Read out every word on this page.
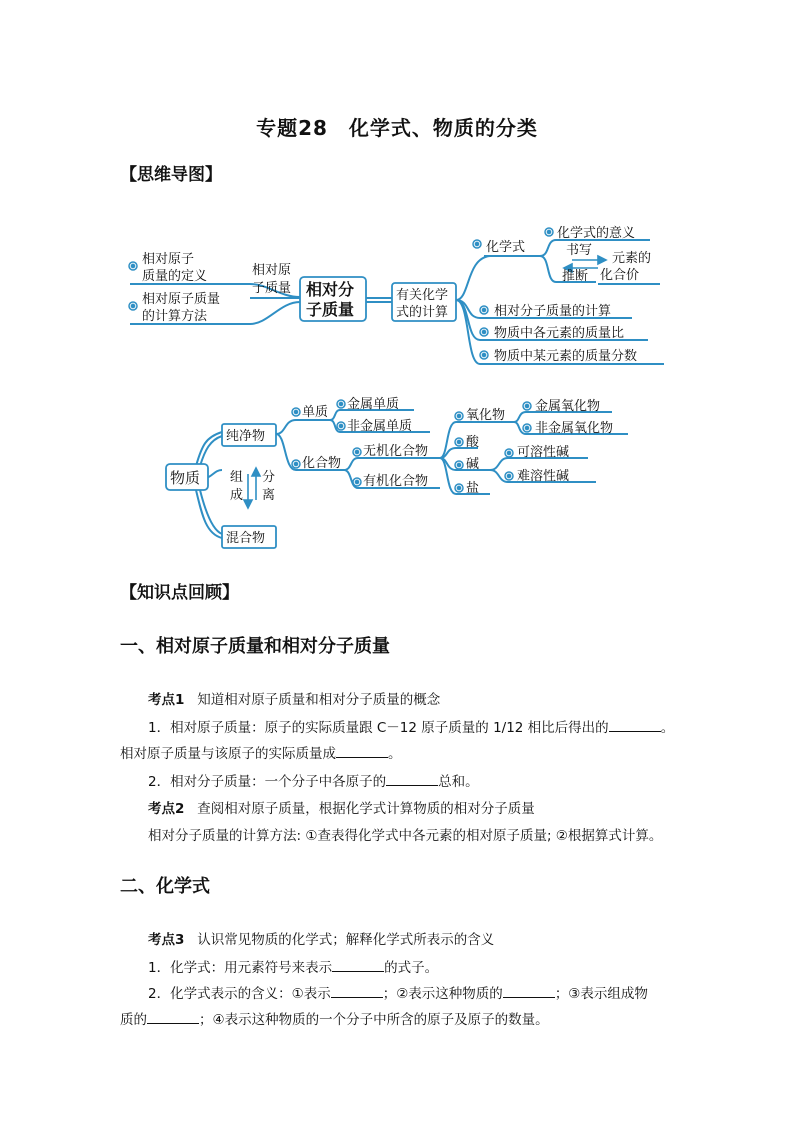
专题28　化学式、物质的分类
【思维导图】
相对原子
质量的定义
相对原子质量
的计算方法
相对原
子质量 相对分
子质量
有关化学
式的计算
化学式
化学式的意义
书写
推断
元素的
化合价
相对分子质量的计算
物质中各元素的质量比
物质中某元素的质量分数
物质
纯净物
混合物
组
成
分
离
单质
金属单质
非金属单质
化合物
无机化合物
有机化合物
氧化物
酸
碱
盐
金属氧化物
非金属氧化物
可溶性碱
难溶性碱
【知识点回顾】
一、相对原子质量和相对分子质量
考点1 知道相对原子质量和相对分子质量的概念
1．相对原子质量：原子的实际质量跟 C－12 原子质量的 1/12 相比后得出的	。
相对原子质量与该原子的实际质量成	。
2．相对分子质量：一个分子中各原子的	总和。
考点2 查阅相对原子质量，根据化学式计算物质的相对分子质量
相对分子质量的计算方法: ①查表得化学式中各元素的相对原子质量; ②根据算式计算。
二、化学式
考点3 认识常见物质的化学式；解释化学式所表示的含义
1．化学式：用元素符号来表示	的式子。
2．化学式表示的含义：①表示	；②表示这种物质的	；③表示组成物
质的	；④表示这种物质的一个分子中所含的原子及原子的数量。
